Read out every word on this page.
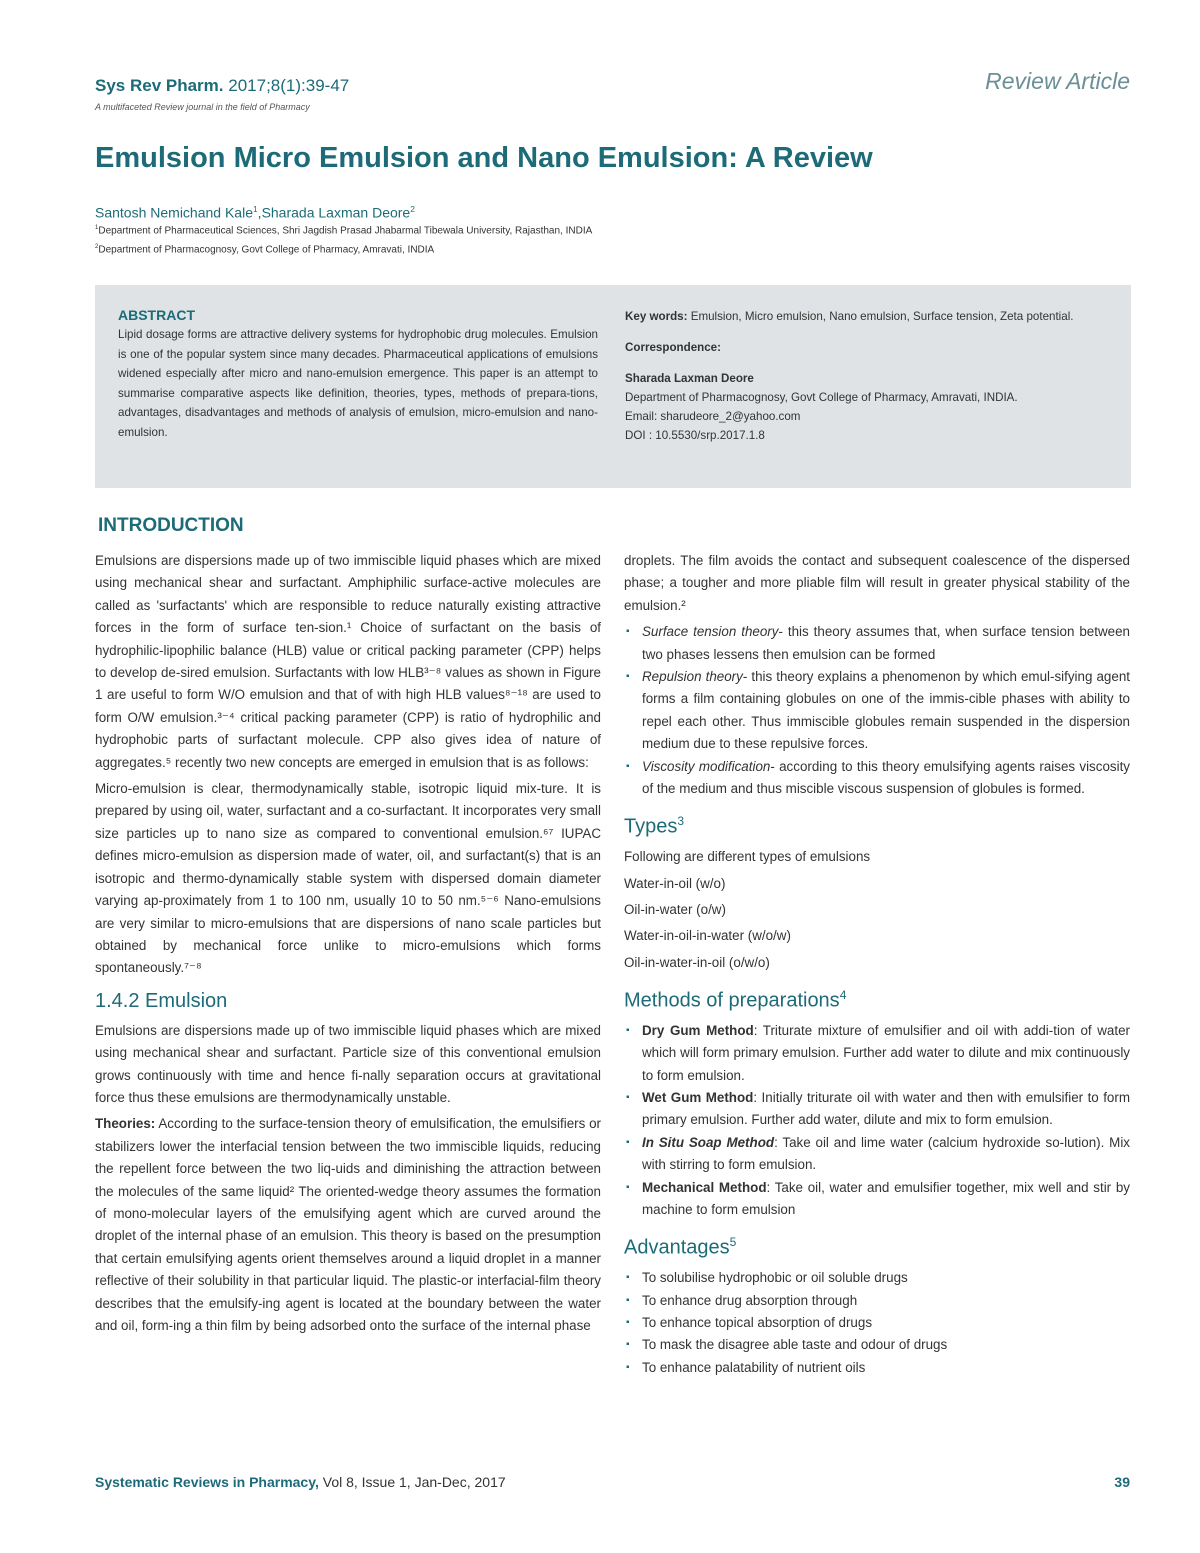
Sys Rev Pharm. 2017;8(1):39-47
A multifaceted Review journal in the field of Pharmacy
Review Article
Emulsion Micro Emulsion and Nano Emulsion: A Review
Santosh Nemichand Kale$^1$,Sharada Laxman Deore$^2$
$^1$Department of Pharmaceutical Sciences, Shri Jagdish Prasad Jhabarmal Tibewala University, Rajasthan, INDIA
$^2$Department of Pharmacognosy, Govt College of Pharmacy, Amravati, INDIA
ABSTRACT

Lipid dosage forms are attractive delivery systems for hydrophobic drug molecules. Emulsion is one of the popular system since many decades. Pharmaceutical applications of emulsions widened especially after micro and nano-emulsion emergence. This paper is an attempt to summarise comparative aspects like definition, theories, types, methods of prepara-tions, advantages, disadvantages and methods of analysis of emulsion, micro-emulsion and nano-emulsion.

Key words: Emulsion, Micro emulsion, Nano emulsion, Surface tension, Zeta potential.

Correspondence:

Sharada Laxman Deore

Department of Pharmacognosy, Govt College of Pharmacy, Amravati, INDIA.

Email: sharudeore_2@yahoo.com

DOI : 10.5530/srp.2017.1.8

INTRODUCTION

Emulsions are dispersions made up of two immiscible liquid phases which are mixed using mechanical shear and surfactant. Amphiphilic surface-active molecules are called as 'surfactants' which are responsible to reduce naturally existing attractive forces in the form of surface ten-sion.¹ Choice of surfactant on the basis of hydrophilic-lipophilic balance (HLB) value or critical packing parameter (CPP) helps to develop de-sired emulsion. Surfactants with low HLB³⁻⁸ values as shown in Figure 1 are useful to form W/O emulsion and that of with high HLB values⁸⁻¹⁸ are used to form O/W emulsion.³⁻⁴ critical packing parameter (CPP) is ratio of hydrophilic and hydrophobic parts of surfactant molecule. CPP also gives idea of nature of aggregates.⁵ recently two new concepts are emerged in emulsion that is as follows:

Micro-emulsion is clear, thermodynamically stable, isotropic liquid mix-ture. It is prepared by using oil, water, surfactant and a co-surfactant. It incorporates very small size particles up to nano size as compared to conventional emulsion.⁶⁷ IUPAC defines micro-emulsion as dispersion made of water, oil, and surfactant(s) that is an isotropic and thermo-dynamically stable system with dispersed domain diameter varying ap-proximately from 1 to 100 nm, usually 10 to 50 nm.⁵⁻⁶ Nano-emulsions are very similar to micro-emulsions that are dispersions of nano scale particles but obtained by mechanical force unlike to micro-emulsions which forms spontaneously.⁷⁻⁸

1.4.2 Emulsion

Emulsions are dispersions made up of two immiscible liquid phases which are mixed using mechanical shear and surfactant. Particle size of this conventional emulsion grows continuously with time and hence fi-nally separation occurs at gravitational force thus these emulsions are thermodynamically unstable.

Theories: According to the surface-tension theory of emulsification, the emulsifiers or stabilizers lower the interfacial tension between the two immiscible liquids, reducing the repellent force between the two liq-uids and diminishing the attraction between the molecules of the same liquid² The oriented-wedge theory assumes the formation of mono-molecular layers of the emulsifying agent which are curved around the droplet of the internal phase of an emulsion. This theory is based on the presumption that certain emulsifying agents orient themselves around a liquid droplet in a manner reflective of their solubility in that particular liquid. The plastic-or interfacial-film theory describes that the emulsify-ing agent is located at the boundary between the water and oil, form-ing a thin film by being adsorbed onto the surface of the internal phase

droplets. The film avoids the contact and subsequent coalescence of the dispersed phase; a tougher and more pliable film will result in greater physical stability of the emulsion.²

▪ Surface tension theory- this theory assumes that, when surface tension between two phases lessens then emulsion can be formed
▪ Repulsion theory- this theory explains a phenomenon by which emul-sifying agent forms a film containing globules on one of the immis-cible phases with ability to repel each other. Thus immiscible globules remain suspended in the dispersion medium due to these repulsive forces.
▪ Viscosity modification- according to this theory emulsifying agents raises viscosity of the medium and thus miscible viscous suspension of globules is formed.
Types$^3$

Following are different types of emulsions

Water-in-oil (w/o)

Oil-in-water (o/w)

Water-in-oil-in-water (w/o/w)

Oil-in-water-in-oil (o/w/o)

Methods of preparations$^4$
▪ Dry Gum Method: Triturate mixture of emulsifier and oil with addi-tion of water which will form primary emulsion. Further add water to dilute and mix continuously to form emulsion.
▪ Wet Gum Method: Initially triturate oil with water and then with emulsifier to form primary emulsion. Further add water, dilute and mix to form emulsion.
▪ In Situ Soap Method: Take oil and lime water (calcium hydroxide so-lution). Mix with stirring to form emulsion.
▪ Mechanical Method: Take oil, water and emulsifier together, mix well and stir by machine to form emulsion
Advantages$^5$
▪ To solubilise hydrophobic or oil soluble drugs
▪ To enhance drug absorption through
▪ To enhance topical absorption of drugs
▪ To mask the disagree able taste and odour of drugs
▪ To enhance palatability of nutrient oils
Systematic Reviews in Pharmacy, Vol 8, Issue 1, Jan-Dec, 2017	39
